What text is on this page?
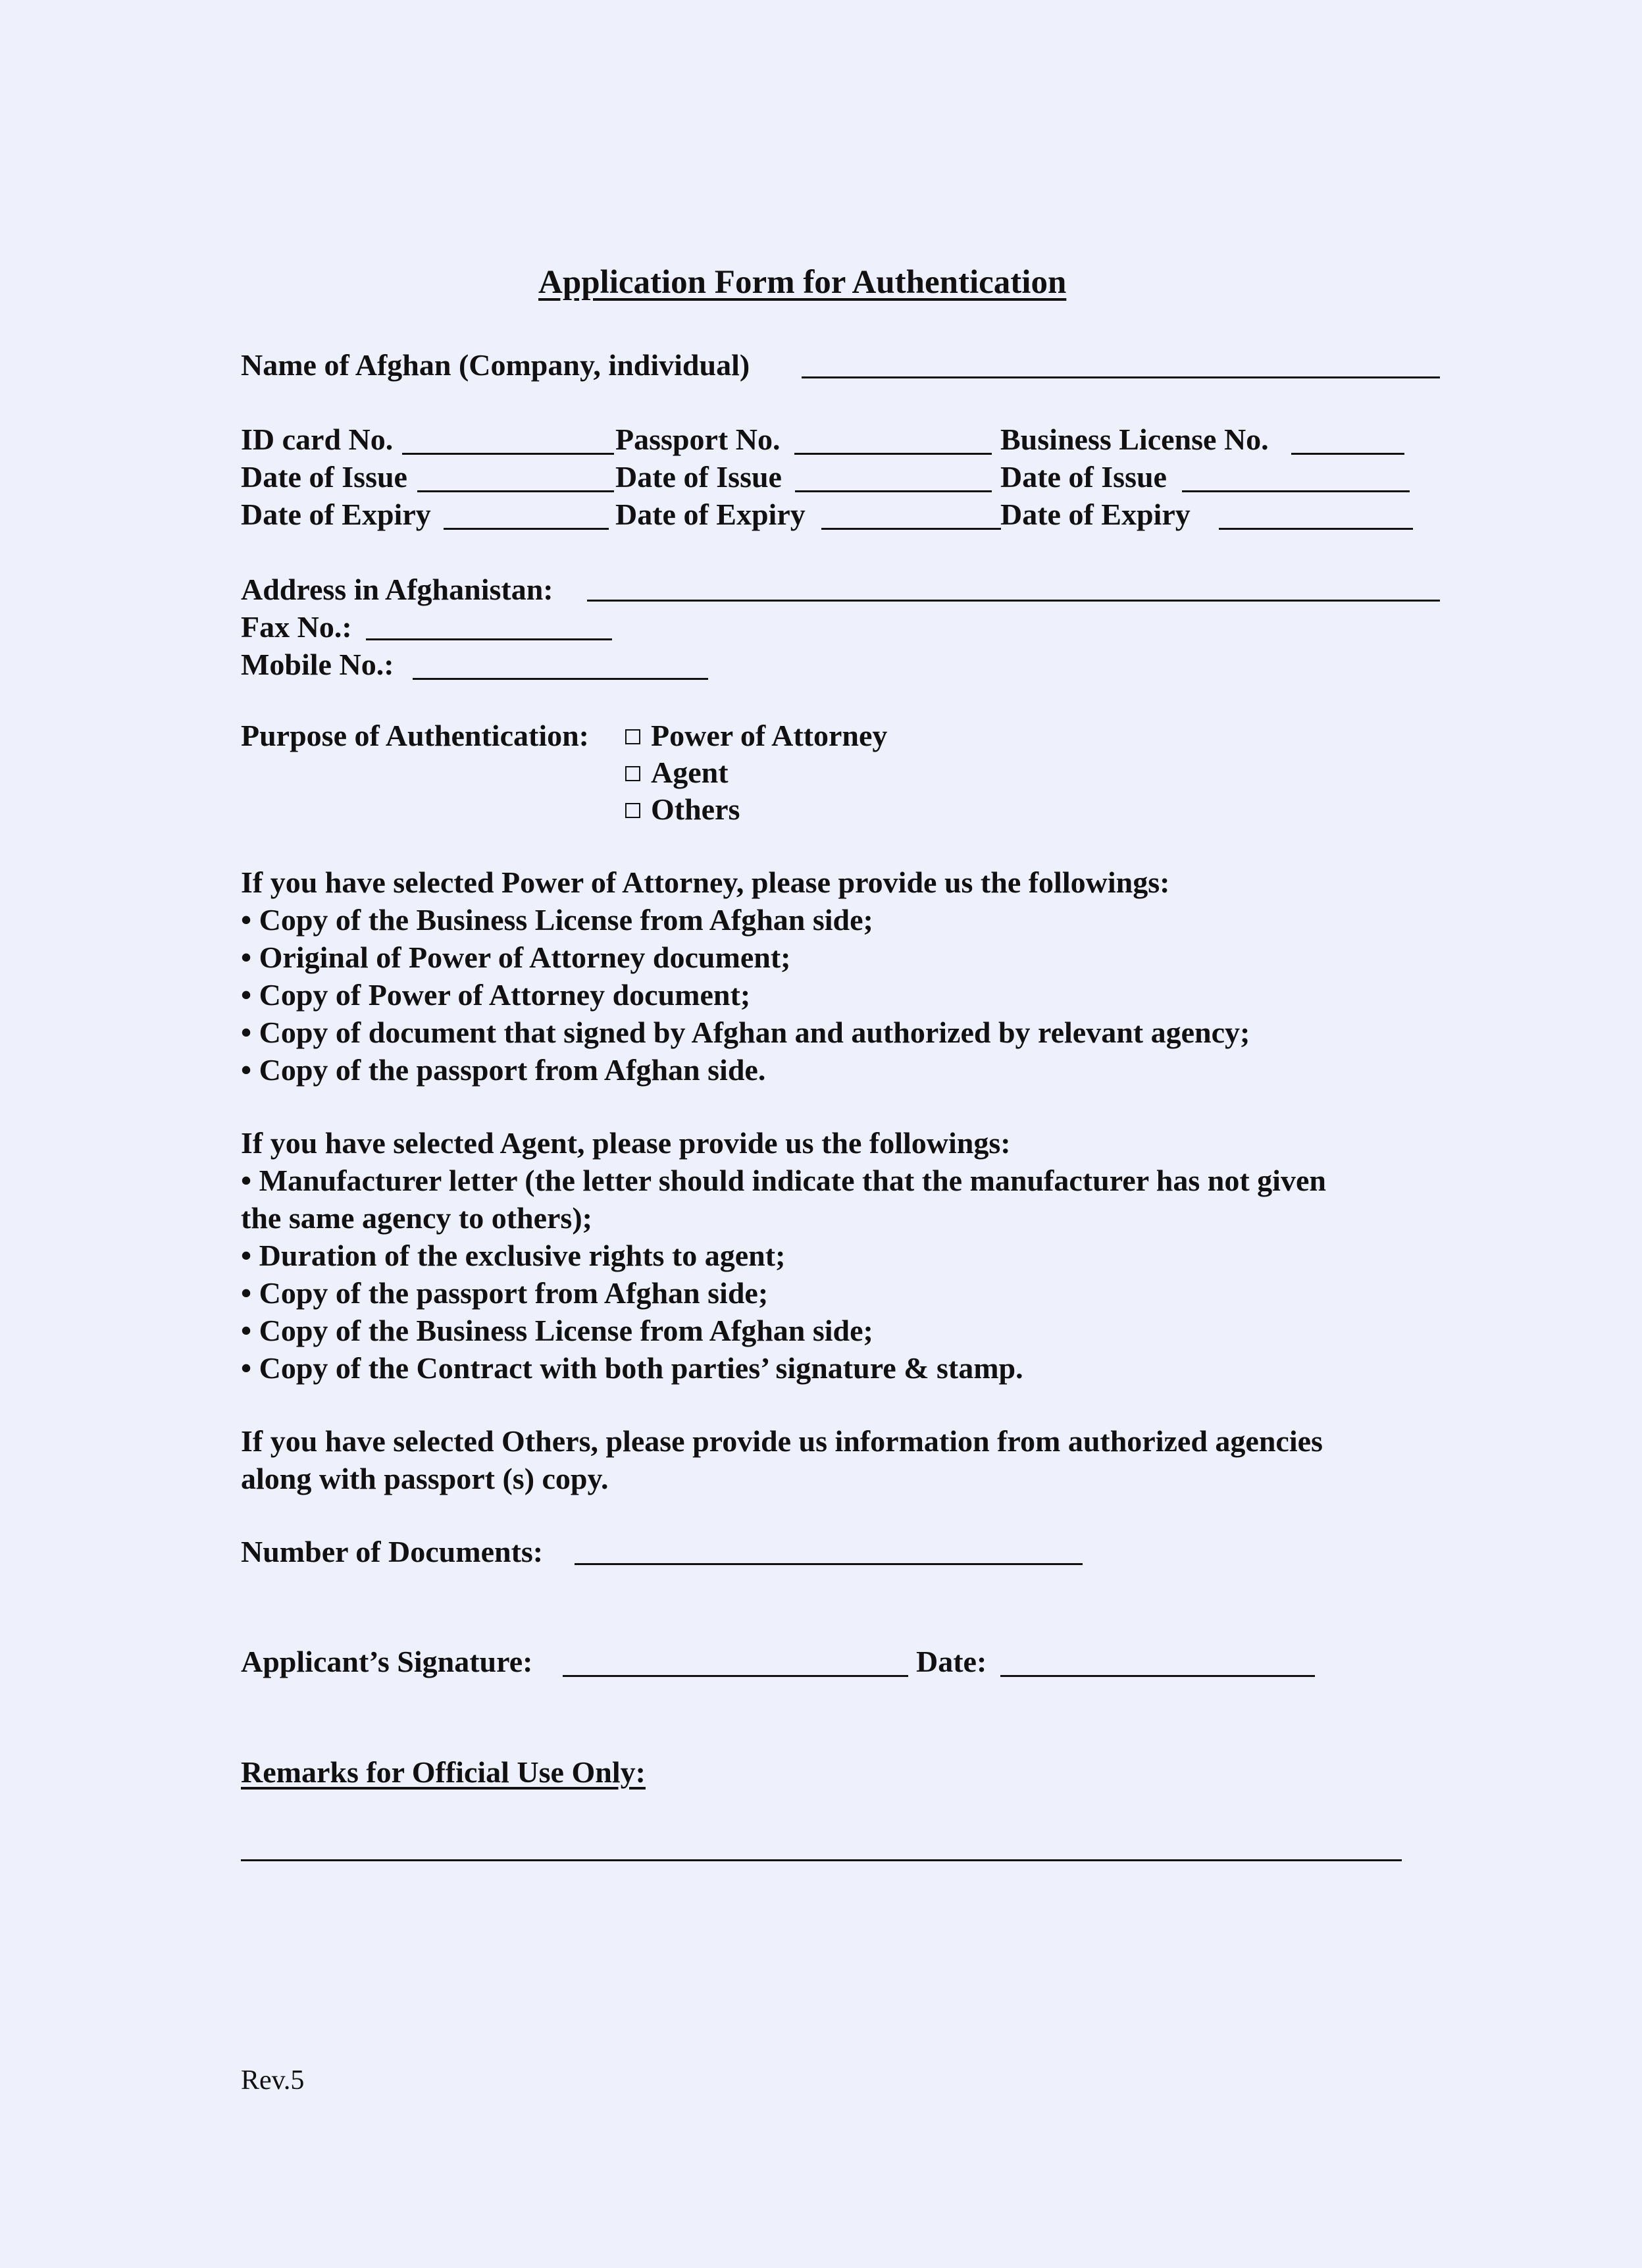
Application Form for Authentication
Name of Afghan (Company, individual)
ID card No.
Date of Issue
Date of Expiry
Passport No.
Date of Issue
Date of Expiry
Business License No.
Date of Issue
Date of Expiry
Address in Afghanistan:
Fax No.:
Mobile No.:
Purpose of Authentication:	Power of Attorney
Agent
Others
If you have selected Power of Attorney, please provide us the followings:
• Copy of the Business License from Afghan side;
• Original of Power of Attorney document;
• Copy of Power of Attorney document;
• Copy of document that signed by Afghan and authorized by relevant agency;
• Copy of the passport from Afghan side.
If you have selected Agent, please provide us the followings:
• Manufacturer letter (the letter should indicate that the manufacturer has not given
the same agency to others);
• Duration of the exclusive rights to agent;
• Copy of the passport from Afghan side;
• Copy of the Business License from Afghan side;
• Copy of the Contract with both parties’ signature & stamp.
If you have selected Others, please provide us information from authorized agencies
along with passport (s) copy.
Number of Documents:
Applicant’s Signature:	Date:
Remarks for Official Use Only:
Rev.5
